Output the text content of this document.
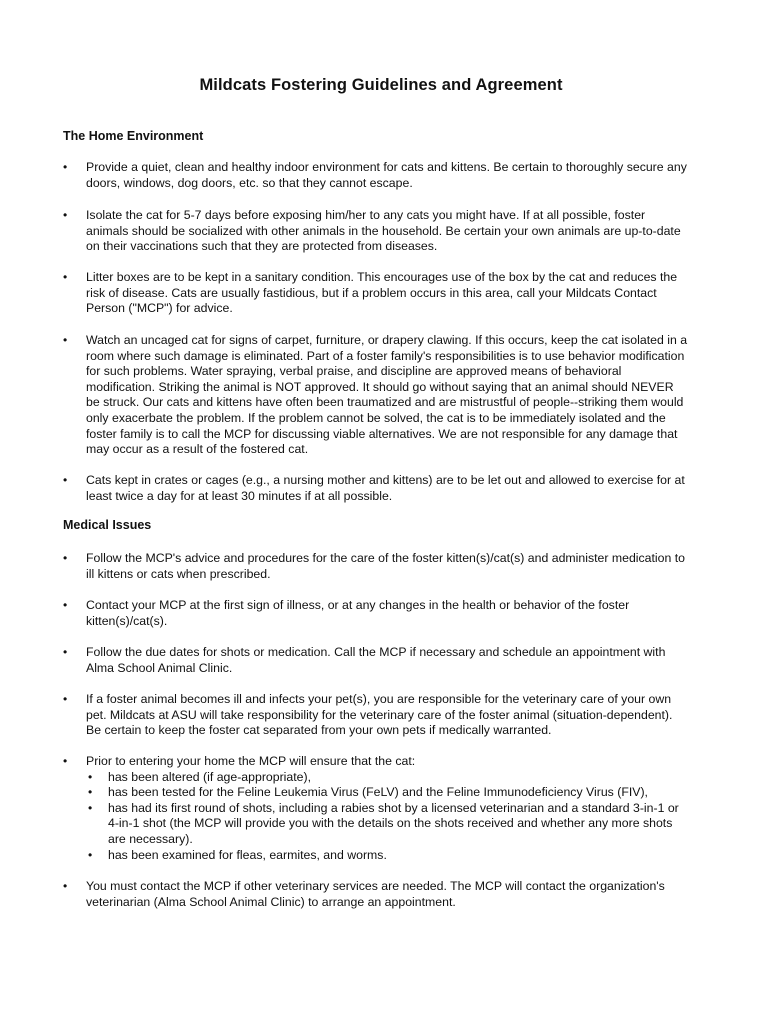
Mildcats Fostering Guidelines and Agreement
The Home Environment
• Provide a quiet, clean and healthy indoor environment for cats and kittens. Be certain to thoroughly secure any doors, windows, dog doors, etc. so that they cannot escape.
• Isolate the cat for 5-7 days before exposing him/her to any cats you might have. If at all possible, foster animals should be socialized with other animals in the household. Be certain your own animals are up-to-date on their vaccinations such that they are protected from diseases.
• Litter boxes are to be kept in a sanitary condition. This encourages use of the box by the cat and reduces the risk of disease. Cats are usually fastidious, but if a problem occurs in this area, call your Mildcats Contact Person ("MCP") for advice.
• Watch an uncaged cat for signs of carpet, furniture, or drapery clawing. If this occurs, keep the cat isolated in a room where such damage is eliminated. Part of a foster family's responsibilities is to use behavior modification for such problems. Water spraying, verbal praise, and discipline are approved means of behavioral modification. Striking the animal is NOT approved. It should go without saying that an animal should NEVER be struck. Our cats and kittens have often been traumatized and are mistrustful of people--striking them would only exacerbate the problem. If the problem cannot be solved, the cat is to be immediately isolated and the foster family is to call the MCP for discussing viable alternatives. We are not responsible for any damage that may occur as a result of the fostered cat.
• Cats kept in crates or cages (e.g., a nursing mother and kittens) are to be let out and allowed to exercise for at least twice a day for at least 30 minutes if at all possible.
Medical Issues
• Follow the MCP's advice and procedures for the care of the foster kitten(s)/cat(s) and administer medication to ill kittens or cats when prescribed.
• Contact your MCP at the first sign of illness, or at any changes in the health or behavior of the foster kitten(s)/cat(s).
• Follow the due dates for shots or medication. Call the MCP if necessary and schedule an appointment with Alma School Animal Clinic.
• If a foster animal becomes ill and infects your pet(s), you are responsible for the veterinary care of your own pet. Mildcats at ASU will take responsibility for the veterinary care of the foster animal (situation-dependent). Be certain to keep the foster cat separated from your own pets if medically warranted.
• Prior to entering your home the MCP will ensure that the cat:
• has been altered (if age-appropriate),
• has been tested for the Feline Leukemia Virus (FeLV) and the Feline Immunodeficiency Virus (FIV),
• has had its first round of shots, including a rabies shot by a licensed veterinarian and a standard 3-in-1 or 4-in-1 shot (the MCP will provide you with the details on the shots received and whether any more shots are necessary).
• has been examined for fleas, earmites, and worms.
• You must contact the MCP if other veterinary services are needed. The MCP will contact the organization's veterinarian (Alma School Animal Clinic) to arrange an appointment.
